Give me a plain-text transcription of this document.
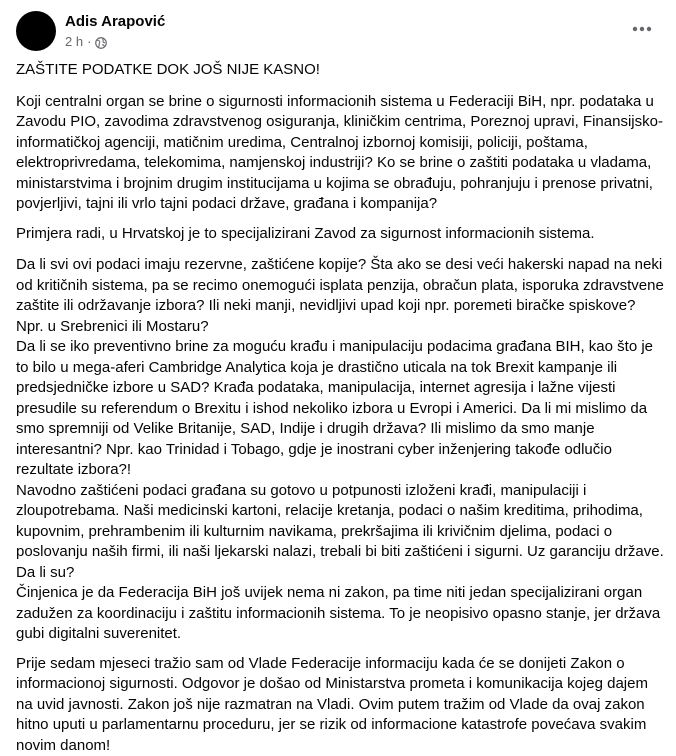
Adis Arapović
2 h ·

ZAŠTITE PODATKE DOK JOŠ NIJE KASNO!

Koji centralni organ se brine o sigurnosti informacionih sistema u Federaciji BiH, npr. podataka u Zavodu PIO, zavodima zdravstvenog osiguranja, kliničkim centrima, Poreznoj upravi, Finansijsko-informatičkoj agenciji, matičnim uredima, Centralnoj izbornoj komisiji, policiji, poštama, elektroprivredama, telekomima, namjenskoj industriji? Ko se brine o zaštiti podataka u vladama, ministarstvima i brojnim drugim institucijama u kojima se obrađuju, pohranjuju i prenose privatni, povjerljivi, tajni ili vrlo tajni podaci države, građana i kompanija?

Primjera radi, u Hrvatskoj je to specijalizirani Zavod za sigurnost informacionih sistema.

Da li svi ovi podaci imaju rezervne, zaštićene kopije? Šta ako se desi veći hakerski napad na neki od kritičnih sistema, pa se recimo onemogući isplata penzija, obračun plata, isporuka zdravstvene zaštite ili održavanje izbora? Ili neki manji, nevidljivi upad koji npr. poremeti biračke spiskove? Npr. u Srebrenici ili Mostaru?

Da li se iko preventivno brine za moguću krađu i manipulaciju podacima građana BIH, kao što je to bilo u mega-aferi Cambridge Analytica koja je drastično uticala na tok Brexit kampanje ili predsjedničke izbore u SAD? Krađa podataka, manipulacija, internet agresija i lažne vijesti presudile su referendum o Brexitu i ishod nekoliko izbora u Evropi i Americi. Da li mi mislimo da smo spremniji od Velike Britanije, SAD, Indije i drugih država? Ili mislimo da smo manje interesantni? Npr. kao Trinidad i Tobago, gdje je inostrani cyber inženjering takođe odlučio rezultate izbora?!

Navodno zaštićeni podaci građana su gotovo u potpunosti izloženi krađi, manipulaciji i zloupotrebama. Naši medicinski kartoni, relacije kretanja, podaci o našim kreditima, prihodima, kupovnim, prehrambenim ili kulturnim navikama, prekršajima ili krivičnim djelima, podaci o poslovanju naših firmi, ili naši ljekarski nalazi, trebali bi biti zaštićeni i sigurni. Uz garanciju države. Da li su?

Činjenica je da Federacija BiH još uvijek nema ni zakon, pa time niti jedan specijalizirani organ zadužen za koordinaciju i zaštitu informacionih sistema. To je neopisivo opasno stanje, jer država gubi digitalni suverenitet.

Prije sedam mjeseci tražio sam od Vlade Federacije informaciju kada će se donijeti Zakon o informacionoj sigurnosti. Odgovor je došao od Ministarstva prometa i komunikacija kojeg dajem na uvid javnosti. Zakon još nije razmatran na Vladi. Ovim putem tražim od Vlade da ovaj zakon hitno uputi u parlamentarnu proceduru, jer se rizik od informacione katastrofe povećava svakim novim danom!
